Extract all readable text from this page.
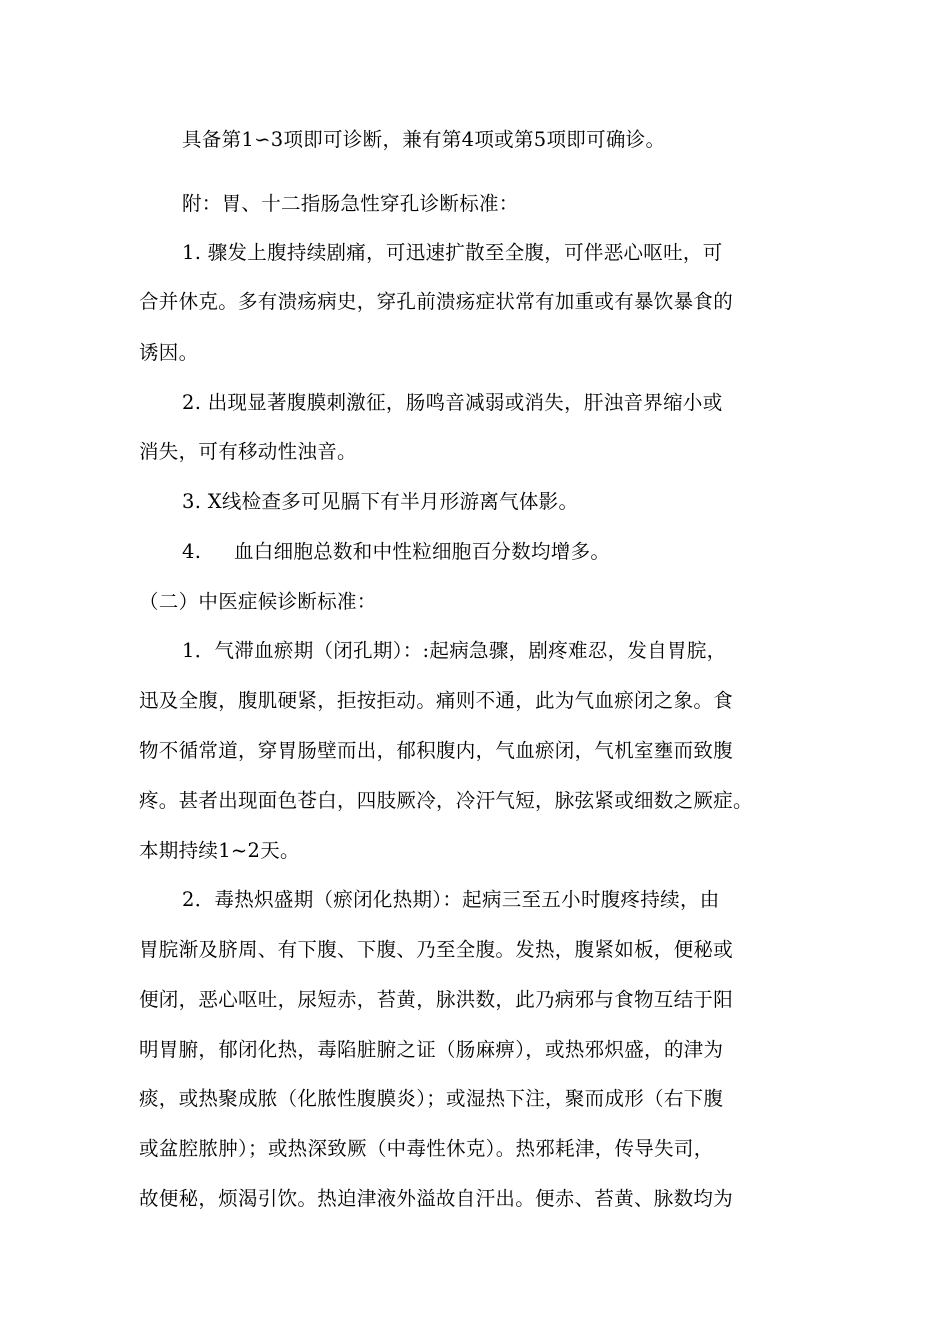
具备第1∽3项即可诊断，兼有第4项或第5项即可确诊。
附：胃、十二指肠急性穿孔诊断标准：
1. 骤发上腹持续剧痛，可迅速扩散至全腹，可伴恶心呕吐，可
合并休克。多有溃疡病史，穿孔前溃疡症状常有加重或有暴饮暴食的
诱因。
2. 出现显著腹膜刺激征，肠鸣音减弱或消失，肝浊音界缩小或
消失，可有移动性浊音。
3. X线检查多可见膈下有半月形游离气体影。
4. 血白细胞总数和中性粒细胞百分数均增多。
（二）中医症候诊断标准：
1．气滞血瘀期（闭孔期）：:起病急骤，剧疼难忍，发自胃脘，
迅及全腹，腹肌硬紧，拒按拒动。痛则不通，此为气血瘀闭之象。食
物不循常道，穿胃肠壁而出，郁积腹内，气血瘀闭，气机室壅而致腹
疼。甚者出现面色苍白，四肢厥冷，冷汗气短，脉弦紧或细数之厥症。
本期持续1~2天。
2．毒热炽盛期（瘀闭化热期）：起病三至五小时腹疼持续，由
胃脘渐及脐周、有下腹、下腹、乃至全腹。发热，腹紧如板，便秘或
便闭，恶心呕吐，尿短赤，苔黄，脉洪数，此乃病邪与食物互结于阳
明胃腑，郁闭化热，毒陷脏腑之证（肠麻痹），或热邪炽盛，的津为
痰，或热聚成脓（化脓性腹膜炎）；或湿热下注，聚而成形（右下腹
或盆腔脓肿）；或热深致厥（中毒性休克）。热邪耗津，传导失司，
故便秘，烦渴引饮。热迫津液外溢故自汗出。便赤、苔黄、脉数均为
